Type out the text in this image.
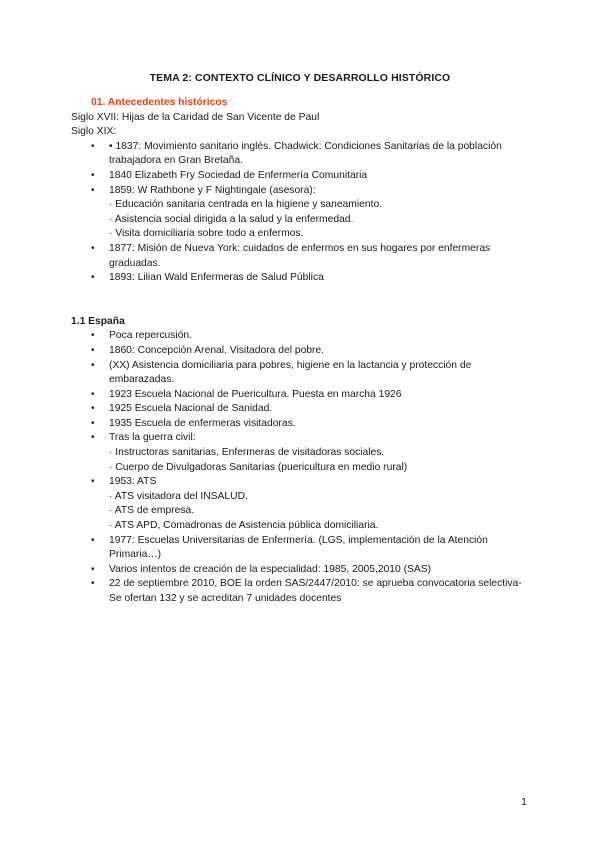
TEMA 2: CONTEXTO CLÍNICO Y DESARROLLO HISTÓRICO
01. Antecedentes históricos
Siglo XVII: Hijas de la Caridad de San Vicente de Paul
Siglo XIX:
• • 1837: Movimiento sanitario inglés. Chadwick: Condiciones Sanitarias de la población trabajadora en Gran Bretaña.
• 1840 Elizabeth Fry Sociedad de Enfermería Comunitaria
• 1859: W Rathbone y F Nightingale (asesora):
· Educación sanitaria centrada en la higiene y saneamiento.
· Asistencia social dirigida a la salud y la enfermedad.
· Visita domiciliaria sobre todo a enfermos.
• 1877: Misión de Nueva York: cuidados de enfermos en sus hogares por enfermeras graduadas.
• 1893: Lilian Wald Enfermeras de Salud Pública
1.1 España
• Poca repercusión.
• 1860: Concepción Arenal. Visitadora del pobre.
• (XX) Asistencia domiciliaria para pobres, higiene en la lactancia y protección de embarazadas.
• 1923 Escuela Nacional de Puericultura. Puesta en marcha 1926
• 1925 Escuela Nacional de Sanidad.
• 1935 Escuela de enfermeras visitadoras.
• Tras la guerra civil:
· Instructoras sanitarias, Enfermeras de visitadoras sociales.
· Cuerpo de Divulgadoras Sanitarias (puericultura en medio rural)
• 1953: ATS
· ATS visitadora del INSALUD.
· ATS de empresa.
· ATS APD, Comadronas de Asistencia pública domiciliaria.
• 1977: Escuelas Universitarias de Enfermería. (LGS, implementación de la Atención Primaria…)
• Varios intentos de creación de la especialidad: 1985, 2005,2010 (SAS)
• 22 de septiembre 2010, BOE la orden SAS/2447/2010: se aprueba convocatoria selectiva- Se ofertan 132 y se acreditan 7 unidades docentes
1
